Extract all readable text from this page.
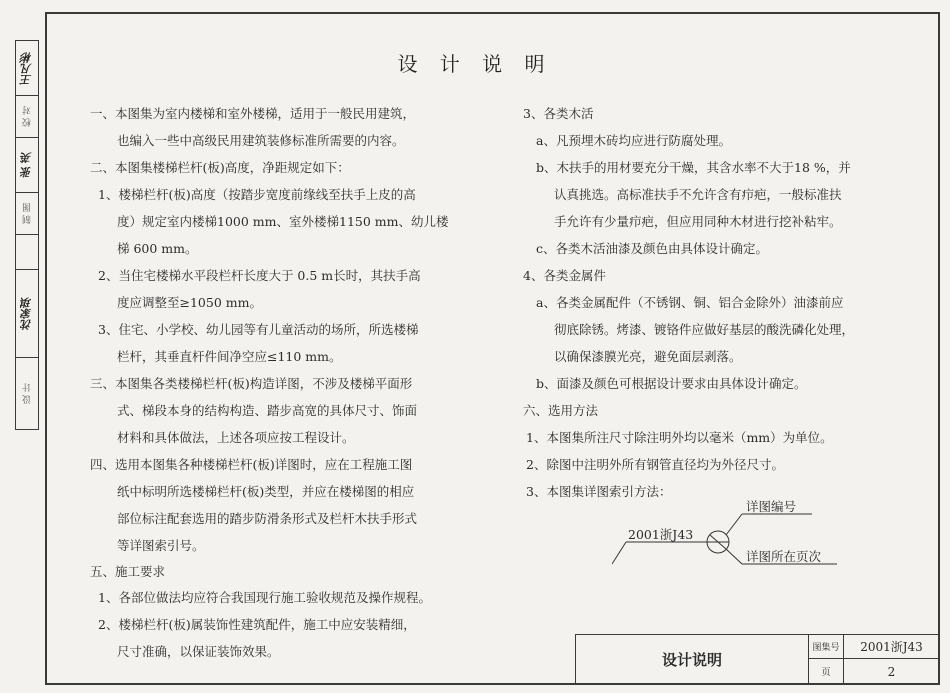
王凡彬
校 对
张 英
制 图
沈家琪
设 计
设 计 说 明
一、本图集为室内楼梯和室外楼梯，适用于一般民用建筑，
也编入一些中高级民用建筑装修标准所需要的内容。
二、本图集楼梯栏杆(板)高度，净距规定如下：
1、楼梯栏杆(板)高度（按踏步宽度前缘线至扶手上皮的高
度）规定室内楼梯1000 mm、室外楼梯1150 mm、幼儿楼
梯 600 mm。
2、当住宅楼梯水平段栏杆长度大于 0.5 m长时，其扶手高
度应调整至≥1050 mm。
3、住宅、小学校、幼儿园等有儿童活动的场所，所选楼梯
栏杆，其垂直杆件间净空应≤110 mm。
三、本图集各类楼梯栏杆(板)构造详图，不涉及楼梯平面形
式、梯段本身的结构构造、踏步高宽的具体尺寸、饰面
材料和具体做法，上述各项应按工程设计。
四、选用本图集各种楼梯栏杆(板)详图时，应在工程施工图
纸中标明所选楼梯栏杆(板)类型，并应在楼梯图的相应
部位标注配套选用的踏步防滑条形式及栏杆木扶手形式
等详图索引号。
五、施工要求
1、各部位做法均应符合我国现行施工验收规范及操作规程。
2、楼梯栏杆(板)属装饰性建筑配件，施工中应安装精细，
尺寸准确，以保证装饰效果。
3、各类木活
a、凡预埋木砖均应进行防腐处理。
b、木扶手的用材要充分干燥，其含水率不大于18 %，并
认真挑选。高标准扶手不允许含有疖疤，一般标准扶
手允许有少量疖疤，但应用同种木材进行挖补粘牢。
c、各类木活油漆及颜色由具体设计确定。
4、各类金属件
a、各类金属配件（不锈钢、铜、铝合金除外）油漆前应
彻底除锈。烤漆、镀铬件应做好基层的酸洗磷化处理，
以确保漆膜光亮，避免面层剥落。
b、面漆及颜色可根据设计要求由具体设计确定。
六、选用方法
1、本图集所注尺寸除注明外均以毫米（mm）为单位。
2、除图中注明外所有钢管直径均为外径尺寸。
3、本图集详图索引方法：
2001浙J43
详图编号
详图所在页次
设计说明
图集号	2001浙J43
页	2
